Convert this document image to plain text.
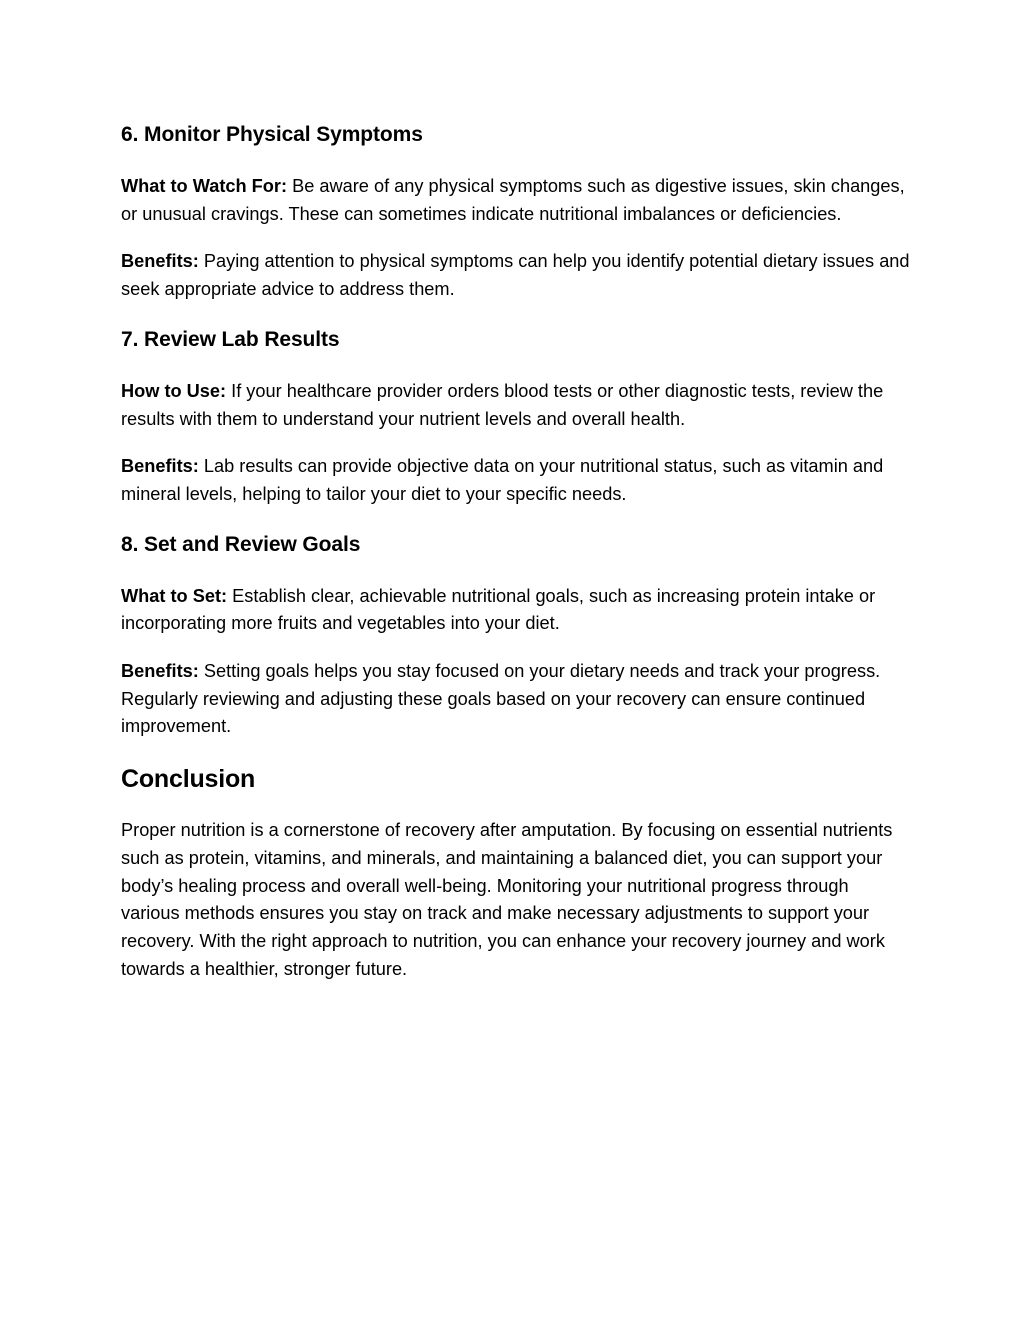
6. Monitor Physical Symptoms

What to Watch For: Be aware of any physical symptoms such as digestive issues, skin changes, or unusual cravings. These can sometimes indicate nutritional imbalances or deficiencies.

Benefits: Paying attention to physical symptoms can help you identify potential dietary issues and seek appropriate advice to address them.

7. Review Lab Results

How to Use: If your healthcare provider orders blood tests or other diagnostic tests, review the results with them to understand your nutrient levels and overall health.

Benefits: Lab results can provide objective data on your nutritional status, such as vitamin and mineral levels, helping to tailor your diet to your specific needs.

8. Set and Review Goals

What to Set: Establish clear, achievable nutritional goals, such as increasing protein intake or incorporating more fruits and vegetables into your diet.

Benefits: Setting goals helps you stay focused on your dietary needs and track your progress. Regularly reviewing and adjusting these goals based on your recovery can ensure continued improvement.

Conclusion

Proper nutrition is a cornerstone of recovery after amputation. By focusing on essential nutrients such as protein, vitamins, and minerals, and maintaining a balanced diet, you can support your body’s healing process and overall well-being. Monitoring your nutritional progress through various methods ensures you stay on track and make necessary adjustments to support your recovery. With the right approach to nutrition, you can enhance your recovery journey and work towards a healthier, stronger future.
